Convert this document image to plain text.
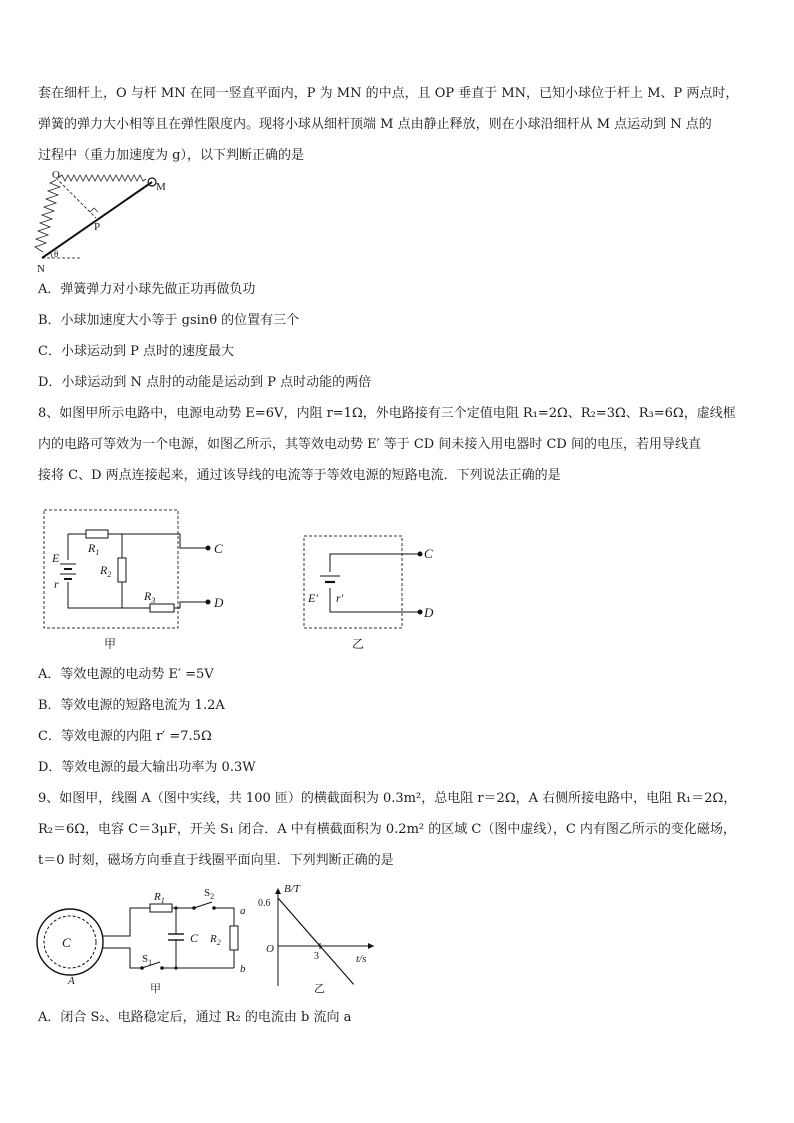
套在细杆上，O 与杆 MN 在同一竖直平面内，P 为 MN 的中点，且 OP 垂直于 MN，已知小球位于杆上 M、P 两点时，
弹簧的弹力大小相等且在弹性限度内。现将小球从细杆顶端 M 点由静止释放，则在小球沿细杆从 M 点运动到 N 点的
过程中（重力加速度为 g），以下判断正确的是
O
M
P
N
θ
A．弹簧弹力对小球先做正功再做负功
B．小球加速度大小等于 gsinθ 的位置有三个
C．小球运动到 P 点时的速度最大
D．小球运动到 N 点肘的动能是运动到 P 点时动能的两倍
8、如图甲所示电路中，电源电动势 E=6V，内阻 r=1Ω，外电路接有三个定值电阻 R₁=2Ω、R₂=3Ω、R₃=6Ω，虚线框
内的电路可等效为一个电源，如图乙所示，其等效电动势 E′ 等于 CD 间未接入用电器时 CD 间的电压，若用导线直
接将 C、D 两点连接起来，通过该导线的电流等于等效电源的短路电流．下列说法正确的是
E
r
$R_1$
$R_2$
$R_3$
C
D
甲
E′ r′
C
D
乙
A．等效电源的电动势 E′ =5V
B．等效电源的短路电流为 1.2A
C．等效电源的内阻 r′ =7.5Ω
D．等效电源的最大输出功率为 0.3W
9、如图甲，线圈 A（图中实线，共 100 匝）的横截面积为 0.3m²，总电阻 r＝2Ω，A 右侧所接电路中，电阻 R₁＝2Ω，
R₂＝6Ω，电容 C＝3μF，开关 S₁ 闭合．A 中有横截面积为 0.2m² 的区域 C（图中虚线），C 内有图乙所示的变化磁场，
t＝0 时刻，磁场方向垂直于线圈平面向里．下列判断正确的是
C
A
$R_1$
$S_2$
a
C $R_2$
b
$S_1$
甲
B/T
0.6
O
3	t/s
乙
A．闭合 S₂、电路稳定后，通过 R₂ 的电流由 b 流向 a
